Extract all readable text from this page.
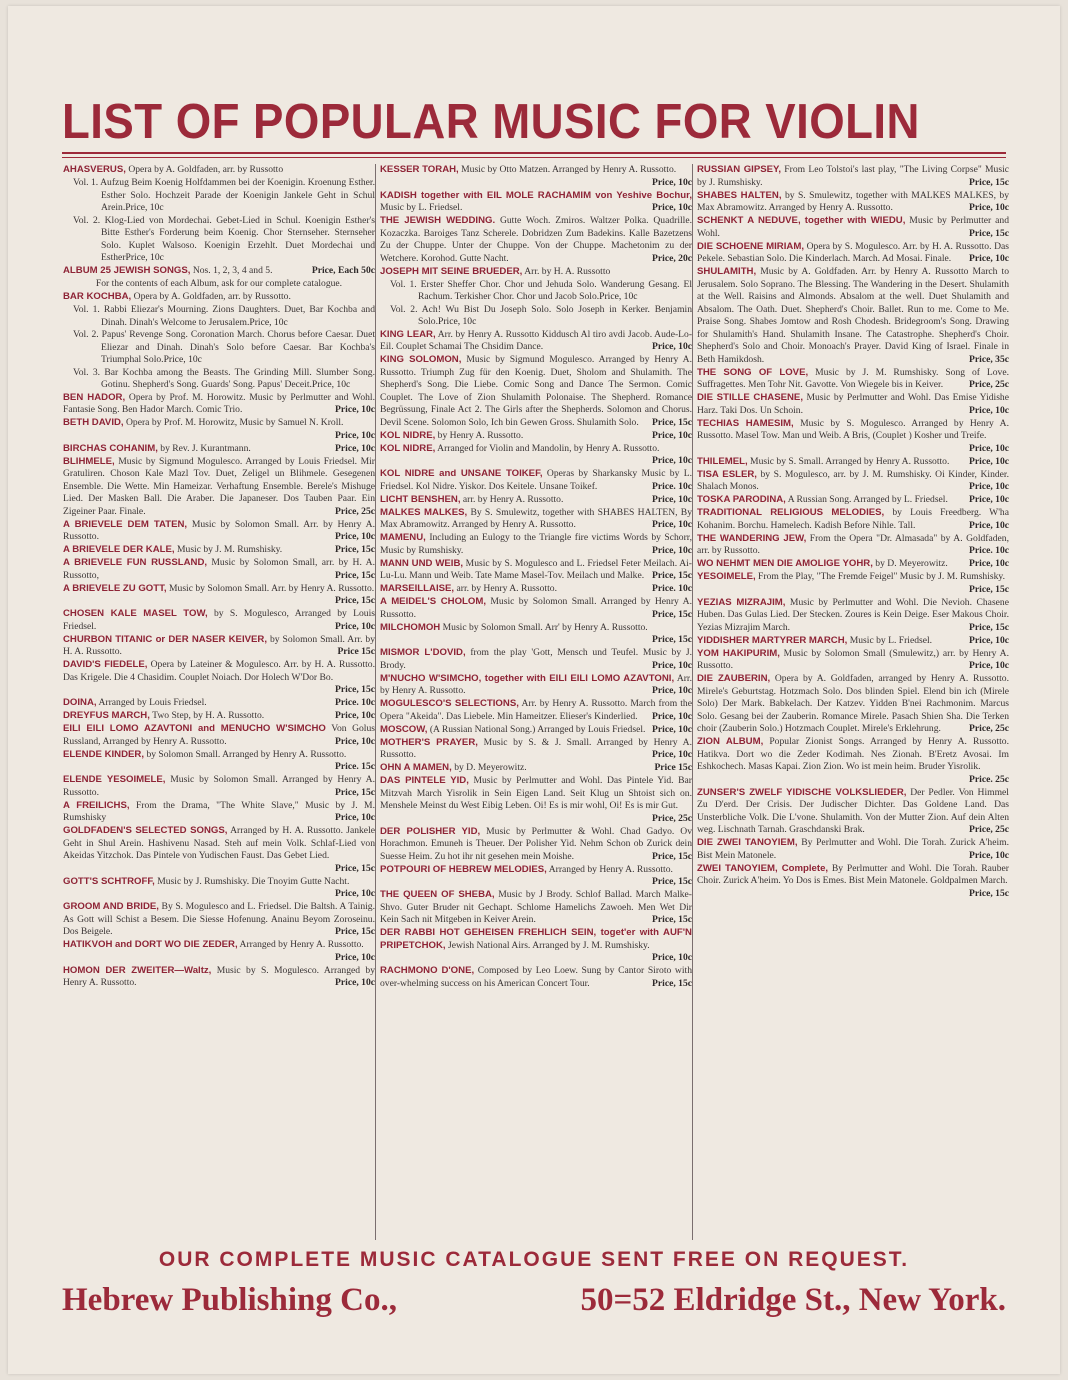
LIST OF POPULAR MUSIC FOR VIOLIN
AHASVERUS, Opera by A. Goldfaden, arr. by Russotto
Vol. 1. Aufzug Beim Koenig Holfdammen bei der Koenigin. Kroenung Esther. Esther Solo. Hochzeit Parade der Koenigin Jankele Geht in Schul Arein.Price, 10c
Vol. 2. Klog-Lied von Mordechai. Gebet-Lied in Schul. Koenigin Esther's Bitte Esther's Forderung beim Koenig. Chor Sternseher. Sternseher Solo. Kuplet Walsoso. Koenigin Erzehlt. Duet Mordechai und EstherPrice, 10c
ALBUM 25 JEWISH SONGS, Nos. 1, 2, 3, 4 and 5.	Price, Each 50c
For the contents of each Album, ask for our complete catalogue.
BAR KOCHBA, Opera by A. Goldfaden, arr. by Russotto.
Vol. 1. Rabbi Eliezar's Mourning. Zions Daughters. Duet, Bar Kochba and Dinah. Dinah's Welcome to Jerusalem.Price, 10c
Vol. 2. Papus' Revenge Song. Coronation March. Chorus before Caesar. Duet Eliezar and Dinah. Dinah's Solo before Caesar. Bar Kochba's Triumphal Solo.Price, 10c
Vol. 3. Bar Kochba among the Beasts. The Grinding Mill. Slumber Song. Gotinu. Shepherd's Song. Guards' Song. Papus' Deceit.Price, 10c
BEN HADOR, Opera by Prof. M. Horowitz. Music by Perlmutter and Wohl. Fantasie Song. Ben Hador March. Comic Trio.	Price, 10c
BETH DAVID, Opera by Prof. M. Horowitz, Music by Samuel N. Kroll.
Price, 10c
BIRCHAS COHANIM, by Rev. J. Kurantmann.	Price, 10c
BLIHMELE, Music by Sigmund Mogulesco. Arranged by Louis Friedsel. Mir Gratuliren. Choson Kale Mazl Tov. Duet, Zeligel un Blihmele. Gesegenen Ensemble. Die Wette. Min Hameizar. Verhaftung Ensemble. Berele's Mishuge Lied. Der Masken Ball. Die Araber. Die Japaneser. Dos Tauben Paar. Ein Zigeiner Paar. Finale.	Price, 25c
A BRIEVELE DEM TATEN, Music by Solomon Small. Arr. by Henry A. Russotto.	Price, 10c
A BRIEVELE DER KALE, Music by J. M. Rumshisky.	Price, 15c
A BRIEVELE FUN RUSSLAND, Music by Solomon Small, arr. by H. A. Russotto,	Price, 15c
A BRIEVELE ZU GOTT, Music by Solomon Small. Arr. by Henry A. Russotto.
Price, 15c
CHOSEN KALE MASEL TOW, by S. Mogulesco, Arranged by Louis Friedsel.	Price, 10c
CHURBON TITANIC or DER NASER KEIVER, by Solomon Small. Arr. by H. A. Russotto.	Price 15c
DAVID'S FIEDELE, Opera by Lateiner & Mogulesco. Arr. by H. A. Russotto. Das Krigele. Die 4 Chasidim. Couplet Noiach. Dor Holech W'Dor Bo.
Price, 15c
DOINA, Arranged by Louis Friedsel.	Price. 10c
DREYFUS MARCH, Two Step, by H. A. Russotto.	Price, 10c
EILI EILI LOMO AZAVTONI and MENUCHO W'SIMCHO Von Golus Russland, Arranged by Henry A. Russotto.	Price, 10c
ELENDE KINDER, by Solomon Small. Arranged by Henry A. Russotto.
Price. 15c
ELENDE YESOIMELE, Music by Solomon Small. Arranged by Henry A. Russotto.	Price, 15c
A FREILICHS, From the Drama, "The White Slave," Music by J. M. Rumshisky	Price, 10c
GOLDFADEN'S SELECTED SONGS, Arranged by H. A. Russotto. Jankele Geht in Shul Arein. Hashivenu Nasad. Steh auf mein Volk. Schlaf-Lied von Akeidas Yitzchok. Das Pintele von Yudischen Faust. Das Gebet Lied.
Price, 15c
GOTT'S SCHTROFF, Music by J. Rumshisky. Die Tnoyim Gutte Nacht.
Price, 10c
GROOM AND BRIDE, By S. Mogulesco and L. Friedsel. Die Baltsh. A Tainig. As Gott will Schist a Besem. Die Siesse Hofenung. Anainu Beyom Zoroseinu. Dos Beigele.	Price, 15c
HATIKVOH and DORT WO DIE ZEDER, Arranged by Henry A. Russotto.
Price, 10c
HOMON DER ZWEITER—Waltz, Music by S. Mogulesco. Arranged by Henry A. Russotto.	Price, 10c
KESSER TORAH, Music by Otto Matzen. Arranged by Henry A. Russotto.
Price, 10c
KADISH together with EIL MOLE RACHAMIM von Yeshive Bochur, Music by L. Friedsel.	Price, 10c
THE JEWISH WEDDING. Gutte Woch. Zmiros. Waltzer Polka. Quadrille. Kozaczka. Baroiges Tanz Scherele. Dobridzen Zum Badekins. Kalle Bazetzens Zu der Chuppe. Unter der Chuppe. Von der Chuppe. Machetonim zu der Wetchere. Korohod. Gutte Nacht.	Price, 20c
JOSEPH MIT SEINE BRUEDER, Arr. by H. A. Russotto
Vol. 1. Erster Sheffer Chor. Chor und Jehuda Solo. Wanderung Gesang. El Rachum. Terkisher Chor. Chor und Jacob Solo.Price, 10c
Vol. 2. Ach! Wu Bist Du Joseph Solo. Solo Joseph in Kerker. Benjamin Solo.Price, 10c
KING LEAR, Arr. by Henry A. Russotto Kiddusch Al tiro avdi Jacob. Aude-Lo-Eil. Couplet Schamai The Chsidim Dance.	Price, 10c
KING SOLOMON, Music by Sigmund Mogulesco. Arranged by Henry A. Russotto. Triumph Zug für den Koenig. Duet, Sholom and Shulamith. The Shepherd's Song. Die Liebe. Comic Song and Dance The Sermon. Comic Couplet. The Love of Zion Shulamith Polonaise. The Shepherd. Romance Begrüssung, Finale Act 2. The Girls after the Shepherds. Solomon and Chorus. Devil Scene. Solomon Solo, Ich bin Gewen Gross. Shulamith Solo.	Price, 15c
KOL NIDRE, by Henry A. Russotto.	Price, 10c
KOL NIDRE, Arranged for Violin and Mandolin, by Henry A. Russotto.
Price, 10c
KOL NIDRE and UNSANE TOIKEF, Operas by Sharkansky Music by L. Friedsel. Kol Nidre. Yiskor. Dos Keitele. Unsane Toikef.	Price. 10c
LICHT BENSHEN, arr. by Henry A. Russotto.	Price, 10c
MALKES MALKES, By S. Smulewitz, together with SHABES HALTEN, By Max Abramowitz. Arranged by Henry A. Russotto.	Price, 10c
MAMENU, Including an Eulogy to the Triangle fire victims Words by Schorr, Music by Rumshisky.	Price, 10c
MANN UND WEIB, Music by S. Mogulesco and L. Friedsel Feter Meilach. Ai-Lu-Lu. Mann und Weib. Tate Mame Masel-Tov. Meilach und Malke. Price, 15c
MARSEILLAISE, arr. by Henry A. Russotto.	Price. 10c
A MEIDEL'S CHOLOM, Music by Solomon Small. Arranged by Henry A. Russotto.	Price, 15c
MILCHOMOH Music by Solomon Small. Arr' by Henry A. Russotto.
Price, 15c
MISMOR L'DOVID, from the play 'Gott, Mensch und Teufel. Music by J. Brody.	Price, 10c
M'NUCHO W'SIMCHO, together with EILI EILI LOMO AZAVTONI, Arr. by Henry A. Russotto.	Price, 10c
MOGULESCO'S SELECTIONS, Arr. by Henry A. Russotto. March from the Opera "Akeida". Das Liebele. Min Hameitzer. Elieser's Kinderlied.	Price, 10c
MOSCOW, (A Russian National Song.) Arranged by Louis Friedsel. Price, 10c
MOTHER'S PRAYER, Music by S. & J. Small. Arranged by Henry A. Russotto.	Price, 10c
OHN A MAMEN, by D. Meyerowitz.	Price 15c
DAS PINTELE YID, Music by Perlmutter and Wohl. Das Pintele Yid. Bar Mitzvah March Yisrolik in Sein Eigen Land. Seit Klug un Shtoist sich on. Menshele Meinst du West Eibig Leben. Oi! Es is mir wohl, Oi! Es is mir Gut.
Price, 25c
DER POLISHER YID, Music by Perlmutter & Wohl. Chad Gadyo. Ov Horachmon. Emuneh is Theuer. Der Polisher Yid. Nehm Schon ob Zurick dein Suesse Heim. Zu hot ihr nit gesehen mein Moishe.	Price, 15c
POTPOURI OF HEBREW MELODIES, Arranged by Henry A. Russotto.
Price, 15c
THE QUEEN OF SHEBA, Music by J Brody. Schlof Ballad. March Malke-Shvo. Guter Bruder nit Gechapt. Schlome Hamelichs Zawoeh. Men Wet Dir Kein Sach nit Mitgeben in Keiver Arein.	Price, 15c
DER RABBI HOT GEHEISEN FREHLICH SEIN, toget'er with AUF'N PRIPETCHOK, Jewish National Airs. Arranged by J. M. Rumshisky.
Price, 10c
RACHMONO D'ONE, Composed by Leo Loew. Sung by Cantor Siroto with over-whelming success on his American Concert Tour.	Price, 15c
RUSSIAN GIPSEY, From Leo Tolstoi's last play, "The Living Corpse" Music by J. Rumshisky.	Price, 15c
SHABES HALTEN, by S. Smulewitz, together with MALKES MALKES, by Max Abramowitz. Arranged by Henry A. Russotto.	Price, 10c
SCHENKT A NEDUVE, together with WIEDU, Music by Perlmutter and Wohl.	Price, 15c
DIE SCHOENE MIRIAM, Opera by S. Mogulesco. Arr. by H. A. Russotto. Das Pekele. Sebastian Solo. Die Kinderlach. March. Ad Mosai. Finale.	Price, 10c
SHULAMITH, Music by A. Goldfaden. Arr. by Henry A. Russotto March to Jerusalem. Solo Soprano. The Blessing. The Wandering in the Desert. Shulamith at the Well. Raisins and Almonds. Absalom at the well. Duet Shulamith and Absalom. The Oath. Duet. Shepherd's Choir. Ballet. Run to me. Come to Me. Praise Song. Shabes Jomtow and Rosh Chodesh. Bridegroom's Song. Drawing for Shulamith's Hand. Shulamith Insane. The Catastrophe. Shepherd's Choir. Shepherd's Solo and Choir. Monoach's Prayer. David King of Israel. Finale in Beth Hamikdosh.	Price, 35c
THE SONG OF LOVE, Music by J. M. Rumshisky. Song of Love. Suffragettes. Men Tohr Nit. Gavotte. Von Wiegele bis in Keiver.	Price, 25c
DIE STILLE CHASENE, Music by Perlmutter and Wohl. Das Emise Yidishe Harz. Taki Dos. Un Schoin.	Price, 10c
TECHIAS HAMESIM, Music by S. Mogulesco. Arranged by Henry A. Russotto. Masel Tow. Man und Weib. A Bris, (Couplet ) Kosher und Treife.
Price, 10c
THILEMEL, Music by S. Small. Arranged by Henry A. Russotto.	Price, 10c
TISA ESLER, by S. Mogulesco, arr. by J. M. Rumshisky. Oi Kinder, Kinder. Shalach Monos.	Price, 10c
TOSKA PARODINA, A Russian Song. Arranged by L. Friedsel.	Price, 10c
TRADITIONAL RELIGIOUS MELODIES, by Louis Freedberg. W'ha Kohanim. Borchu. Hamelech. Kadish Before Nihle. Tall.	Price, 10c
THE WANDERING JEW, From the Opera "Dr. Almasada" by A. Goldfaden, arr. by Russotto.	Price. 10c
WO NEHMT MEN DIE AMOLIGE YOHR, by D. Meyerowitz.	Price, 10c
YESOIMELE, From the Play, "The Fremde Feigel" Music by J. M. Rumshisky.
Price, 15c
YEZIAS MIZRAJIM, Music by Perlmutter and Wohl. Die Nevioh. Chasene Huben. Das Gulas Lied. Der Stecken. Zoures is Kein Deige. Eser Makous Choir. Yezias Mizrajim March.	Price, 15c
YIDDISHER MARTYRER MARCH, Music by L. Friedsel.	Price, 10c
YOM HAKIPURIM, Music by Solomon Small (Smulewitz,) arr. by Henry A. Russotto.	Price, 10c
DIE ZAUBERIN, Opera by A. Goldfaden, arranged by Henry A. Russotto. Mirele's Geburtstag. Hotzmach Solo. Dos blinden Spiel. Elend bin ich (Mirele Solo) Der Mark. Babkelach. Der Katzev. Yidden B'nei Rachmonim. Marcus Solo. Gesang bei der Zauberin. Romance Mirele. Pasach Shien Sha. Die Terken choir (Zauberin Solo.) Hotzmach Couplet. Mirele's Erklehrung.	Price, 25c
ZION ALBUM, Popular Zionist Songs. Arranged by Henry A. Russotto. Hatikva. Dort wo die Zeder Kodimah. Nes Zionah. B'Eretz Avosai. Im Eshkochech. Masas Kapai. Zion Zion. Wo ist mein heim. Bruder Yisrolik.
Price. 25c
ZUNSER'S ZWELF YIDISCHE VOLKSLIEDER, Der Pedler. Von Himmel Zu D'erd. Der Crisis. Der Judischer Dichter. Das Goldene Land. Das Unsterbliche Volk. Die L'vone. Shulamith. Von der Mutter Zion. Auf dein Alten weg. Lischnath Tarnah. Graschdanski Brak.	Price, 25c
DIE ZWEI TANOYIEM, By Perlmutter and Wohl. Die Torah. Zurick A'heim. Bist Mein Matonele.	Price, 10c
ZWEI TANOYIEM, Complete, By Perlmutter and Wohl. Die Torah. Rauber Choir. Zurick A'heim. Yo Dos is Emes. Bist Mein Matonele. Goldpalmen March.
Price, 15c
OUR COMPLETE MUSIC CATALOGUE SENT FREE ON REQUEST.
Hebrew Publishing Co.,	50=52 Eldridge St., New York.
